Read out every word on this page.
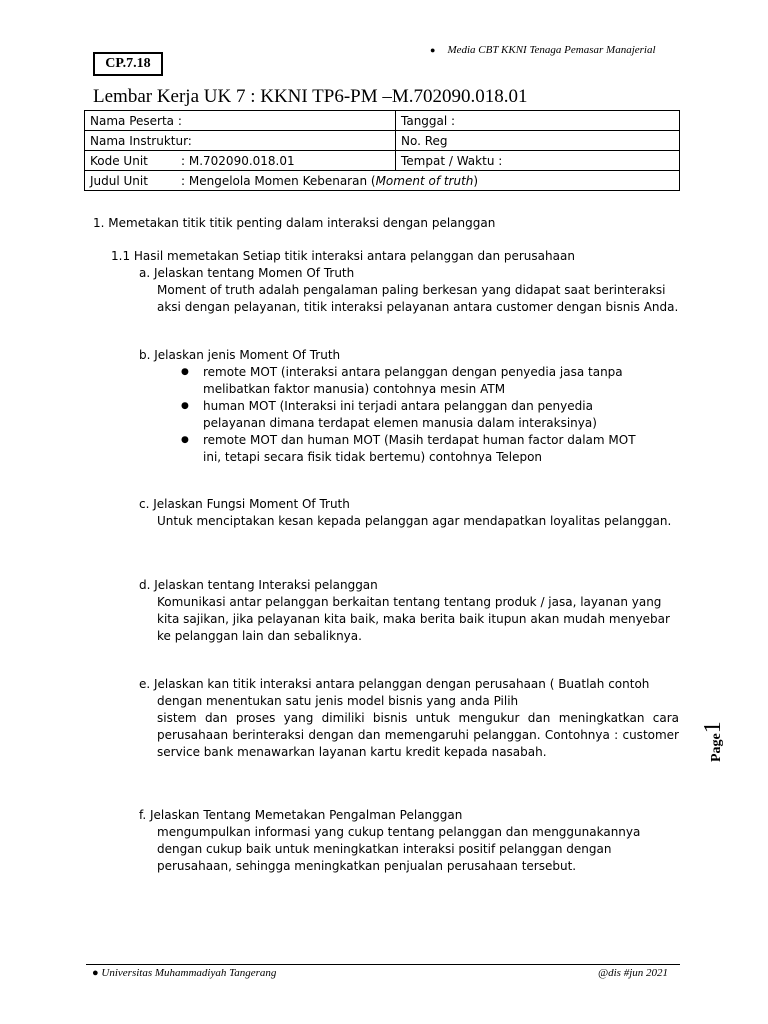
CP.7.18
● Media CBT KKNI Tenaga Pemasar Manajerial
Lembar Kerja UK 7 : KKNI TP6-PM –M.702090.018.01
Nama Peserta :	Tanggal :
Nama Instruktur:	No. Reg
Kode Unit : M.702090.018.01	Tempat / Waktu :
Judul Unit : Mengelola Momen Kebenaran (Moment of truth)	
1. Memetakan titik titik penting dalam interaksi dengan pelanggan
1.1 Hasil memetakan Setiap titik interaksi antara pelanggan dan perusahaan
a. Jelaskan tentang Momen Of Truth
Moment of truth adalah pengalaman paling berkesan yang didapat saat berinteraksi aksi dengan pelayanan, titik interaksi pelayanan antara customer dengan bisnis Anda.
b. Jelaskan jenis Moment Of Truth
● remote MOT (interaksi antara pelanggan dengan penyedia jasa tanpa melibatkan faktor manusia) contohnya mesin ATM
● human MOT (Interaksi ini terjadi antara pelanggan dan penyedia pelayanan dimana terdapat elemen manusia dalam interaksinya)
● remote MOT dan human MOT (Masih terdapat human factor dalam MOT ini, tetapi secara fisik tidak bertemu) contohnya Telepon
c. Jelaskan Fungsi Moment Of Truth
Untuk menciptakan kesan kepada pelanggan agar mendapatkan loyalitas pelanggan.
d. Jelaskan tentang Interaksi pelanggan
Komunikasi antar pelanggan berkaitan tentang tentang produk / jasa, layanan yang kita sajikan, jika pelayanan kita baik, maka berita baik itupun akan mudah menyebar ke pelanggan lain dan sebaliknya.
e. Jelaskan kan titik interaksi antara pelanggan dengan perusahaan ( Buatlah contoh dengan menentukan satu jenis model bisnis yang anda Pilih
sistem dan proses yang dimiliki bisnis untuk mengukur dan meningkatkan cara perusahaan berinteraksi dengan dan memengaruhi pelanggan. Contohnya : customer service bank menawarkan layanan kartu kredit kepada nasabah.
f. Jelaskan Tentang Memetakan Pengalman Pelanggan
mengumpulkan informasi yang cukup tentang pelanggan dan menggunakannya dengan cukup baik untuk meningkatkan interaksi positif pelanggan dengan perusahaan, sehingga meningkatkan penjualan perusahaan tersebut.
Page1
● Universitas Muhammadiyah Tangerang	@dis #jun 2021
